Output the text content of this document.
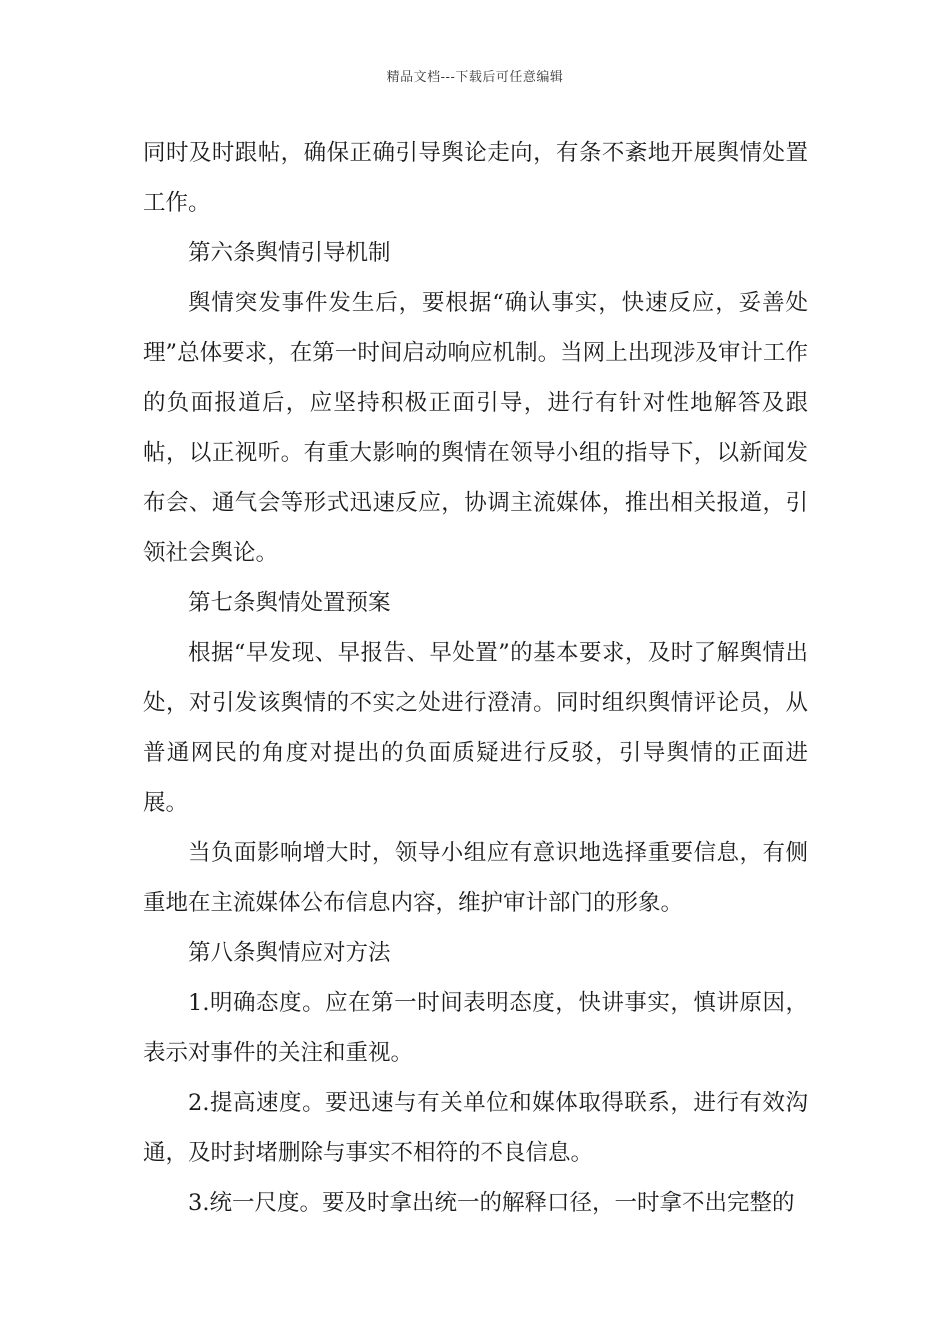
精品文档---下载后可任意编辑

同时及时跟帖，确保正确引导舆论走向，有条不紊地开展舆情处置工作。

第六条舆情引导机制

舆情突发事件发生后，要根据“确认事实，快速反应，妥善处理”总体要求，在第一时间启动响应机制。当网上出现涉及审计工作的负面报道后，应坚持积极正面引导，进行有针对性地解答及跟帖，以正视听。有重大影响的舆情在领导小组的指导下，以新闻发布会、通气会等形式迅速反应，协调主流媒体，推出相关报道，引领社会舆论。

第七条舆情处置预案

根据“早发现、早报告、早处置”的基本要求，及时了解舆情出处，对引发该舆情的不实之处进行澄清。同时组织舆情评论员，从普通网民的角度对提出的负面质疑进行反驳，引导舆情的正面进展。

当负面影响增大时，领导小组应有意识地选择重要信息，有侧重地在主流媒体公布信息内容，维护审计部门的形象。

第八条舆情应对方法

1.明确态度。应在第一时间表明态度，快讲事实，慎讲原因，表示对事件的关注和重视。

2.提高速度。要迅速与有关单位和媒体取得联系，进行有效沟通，及时封堵删除与事实不相符的不良信息。

3.统一尺度。要及时拿出统一的解释口径，一时拿不出完整的
